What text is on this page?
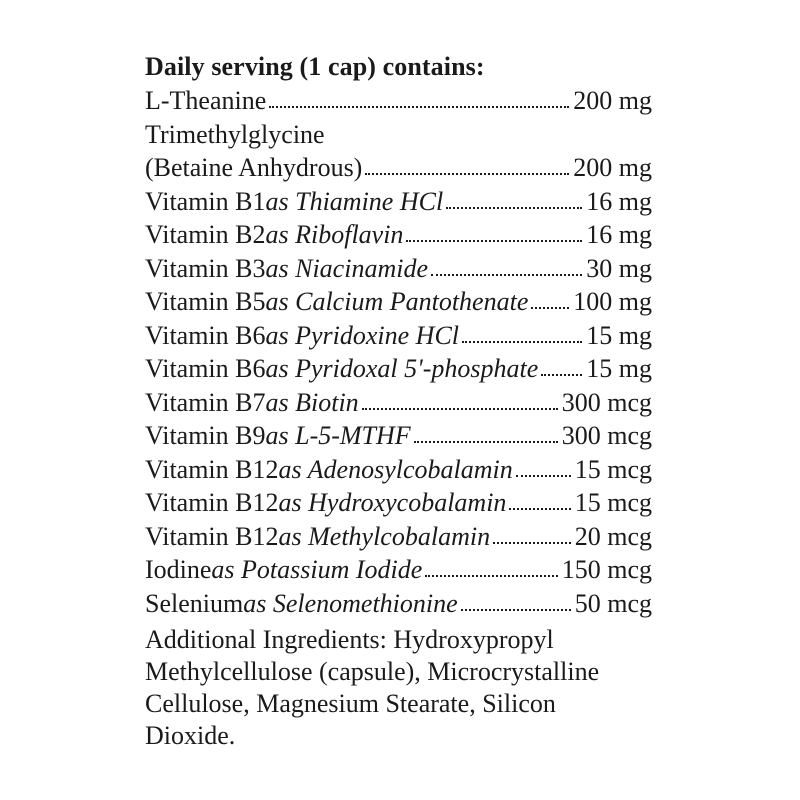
Daily serving (1 cap) contains:

L-Theanine	200 mg
Trimethylglycine
(Betaine Anhydrous)	200 mg
Vitamin B1 as Thiamine HCl	16 mg
Vitamin B2 as Riboflavin	16 mg
Vitamin B3 as Niacinamide	30 mg
Vitamin B5 as Calcium Pantothenate 100 mg
Vitamin B6 as Pyridoxine HCl	15 mg
Vitamin B6 as Pyridoxal 5'-phosphate 15 mg
Vitamin B7 as Biotin	300 mcg
Vitamin B9 as L-5-MTHF	300 mcg
Vitamin B12 as Adenosylcobalamin 15 mcg
Vitamin B12 as Hydroxycobalamin	15 mcg
Vitamin B12 as Methylcobalamin	20 mcg
Iodine as Potassium Iodide	150 mcg
Selenium as Selenomethionine	50 mcg

Additional Ingredients: Hydroxypropyl Methylcellulose (capsule), Microcrystalline Cellulose, Magnesium Stearate, Silicon Dioxide.
